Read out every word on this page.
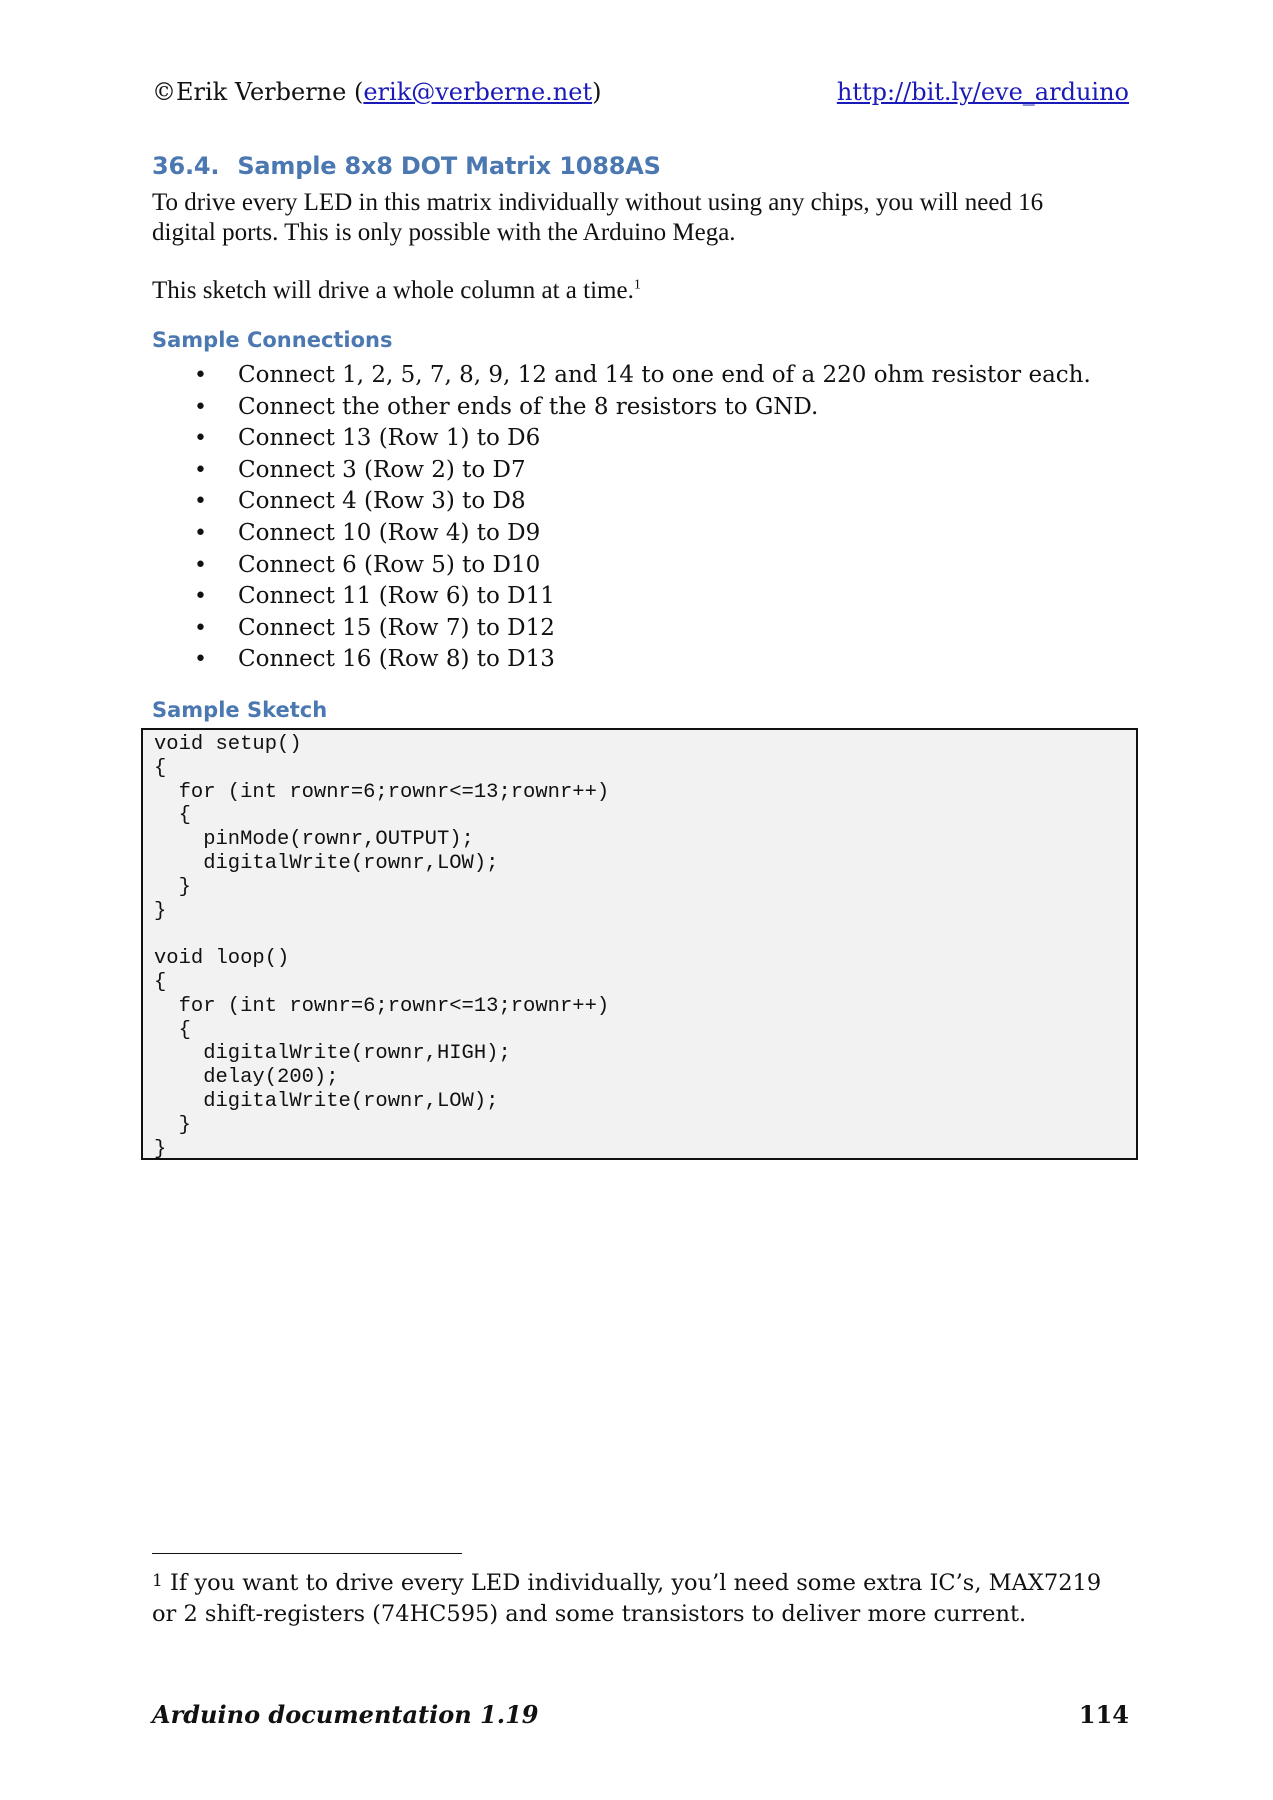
©Erik Verberne (erik@verberne.net)	http://bit.ly/eve_arduino
36.4. Sample 8x8 DOT Matrix 1088AS
To drive every LED in this matrix individually without using any chips, you will need 16 digital ports. This is only possible with the Arduino Mega.
This sketch will drive a whole column at a time.$^1$
Sample Connections
•	Connect 1, 2, 5, 7, 8, 9, 12 and 14 to one end of a 220 ohm resistor each.
•	Connect the other ends of the 8 resistors to GND.
•	Connect 13 (Row 1) to D6
•	Connect 3 (Row 2) to D7
•	Connect 4 (Row 3) to D8
•	Connect 10 (Row 4) to D9
•	Connect 6 (Row 5) to D10
•	Connect 11 (Row 6) to D11
•	Connect 15 (Row 7) to D12
•	Connect 16 (Row 8) to D13
Sample Sketch
void setup()
{
for (int rownr=6;rownr<=13;rownr++)
{
pinMode(rownr,OUTPUT);
digitalWrite(rownr,LOW);
}
}

void loop()
{
for (int rownr=6;rownr<=13;rownr++)
{
digitalWrite(rownr,HIGH);
delay(200);
digitalWrite(rownr,LOW);
}
}
1 If you want to drive every LED individually, you’l need some extra IC’s, MAX7219 or 2 shift-registers (74HC595) and some transistors to deliver more current.
Arduino documentation 1.19	114
